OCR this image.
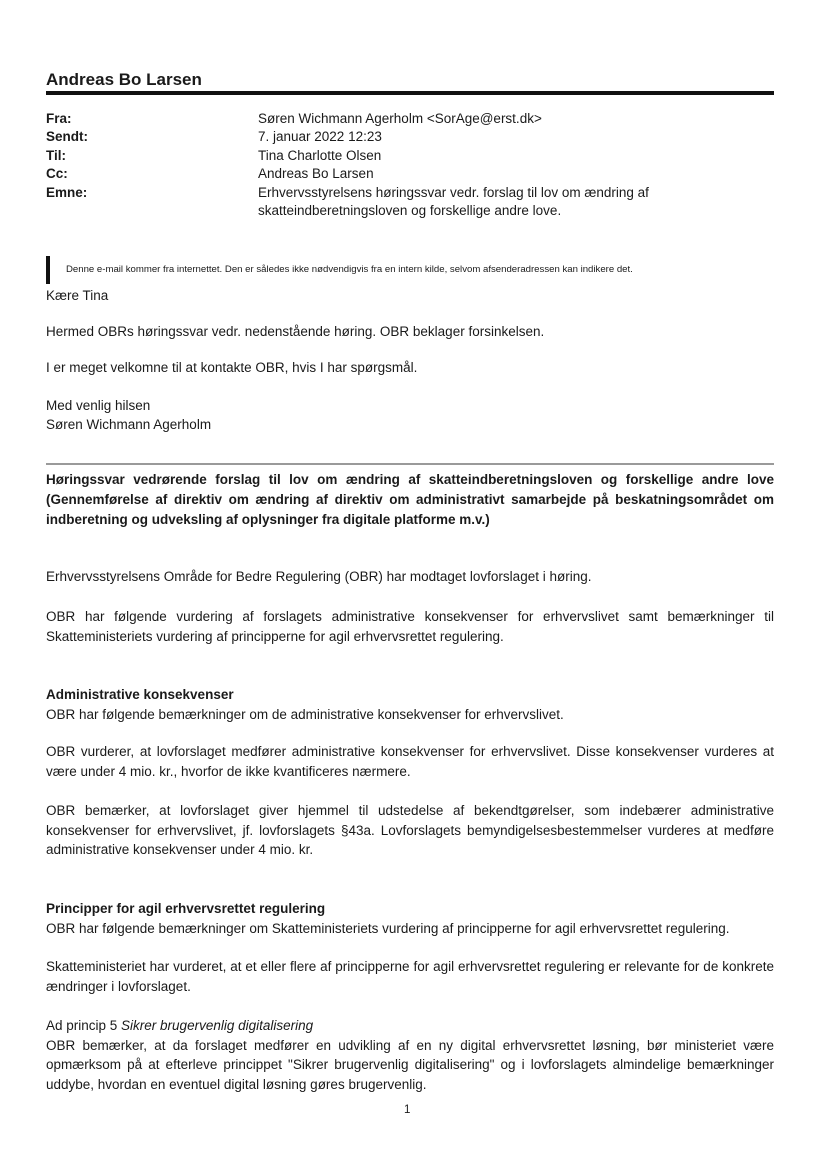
Andreas Bo Larsen
Fra:	Søren Wichmann Agerholm <SorAge@erst.dk>
Sendt:	7. januar 2022 12:23
Til:	Tina Charlotte Olsen
Cc:	Andreas Bo Larsen
Emne:	Erhvervsstyrelsens høringssvar vedr. forslag til lov om ændring af skatteindberetningsloven og forskellige andre love.
Denne e-mail kommer fra internettet. Den er således ikke nødvendigvis fra en intern kilde, selvom afsenderadressen kan indikere det.

Kære Tina

Hermed OBRs høringssvar vedr. nedenstående høring. OBR beklager forsinkelsen.

I er meget velkomne til at kontakte OBR, hvis I har spørgsmål.

Med venlig hilsen

Søren Wichmann Agerholm

Høringssvar vedrørende forslag til lov om ændring af skatteindberetningsloven og forskellige andre love (Gennemførelse af direktiv om ændring af direktiv om administrativt samarbejde på beskatningsområdet om indberetning og udveksling af oplysninger fra digitale platforme m.v.)

Erhvervsstyrelsens Område for Bedre Regulering (OBR) har modtaget lovforslaget i høring.

OBR har følgende vurdering af forslagets administrative konsekvenser for erhvervslivet samt bemærkninger til Skatteministeriets vurdering af principperne for agil erhvervsrettet regulering.

Administrative konsekvenser
OBR har følgende bemærkninger om de administrative konsekvenser for erhvervslivet.

OBR vurderer, at lovforslaget medfører administrative konsekvenser for erhvervslivet. Disse konsekvenser vurderes at være under 4 mio. kr., hvorfor de ikke kvantificeres nærmere.

OBR bemærker, at lovforslaget giver hjemmel til udstedelse af bekendtgørelser, som indebærer administrative konsekvenser for erhvervslivet, jf. lovforslagets §43a. Lovforslagets bemyndigelsesbestemmelser vurderes at medføre administrative konsekvenser under 4 mio. kr.

Principper for agil erhvervsrettet regulering
OBR har følgende bemærkninger om Skatteministeriets vurdering af principperne for agil erhvervsrettet regulering.

Skatteministeriet har vurderet, at et eller flere af principperne for agil erhvervsrettet regulering er relevante for de konkrete ændringer i lovforslaget.

Ad princip 5 Sikrer brugervenlig digitalisering
OBR bemærker, at da forslaget medfører en udvikling af en ny digital erhvervsrettet løsning, bør ministeriet være opmærksom på at efterleve princippet "Sikrer brugervenlig digitalisering" og i lovforslagets almindelige bemærkninger uddybe, hvordan en eventuel digital løsning gøres brugervenlig.
1
